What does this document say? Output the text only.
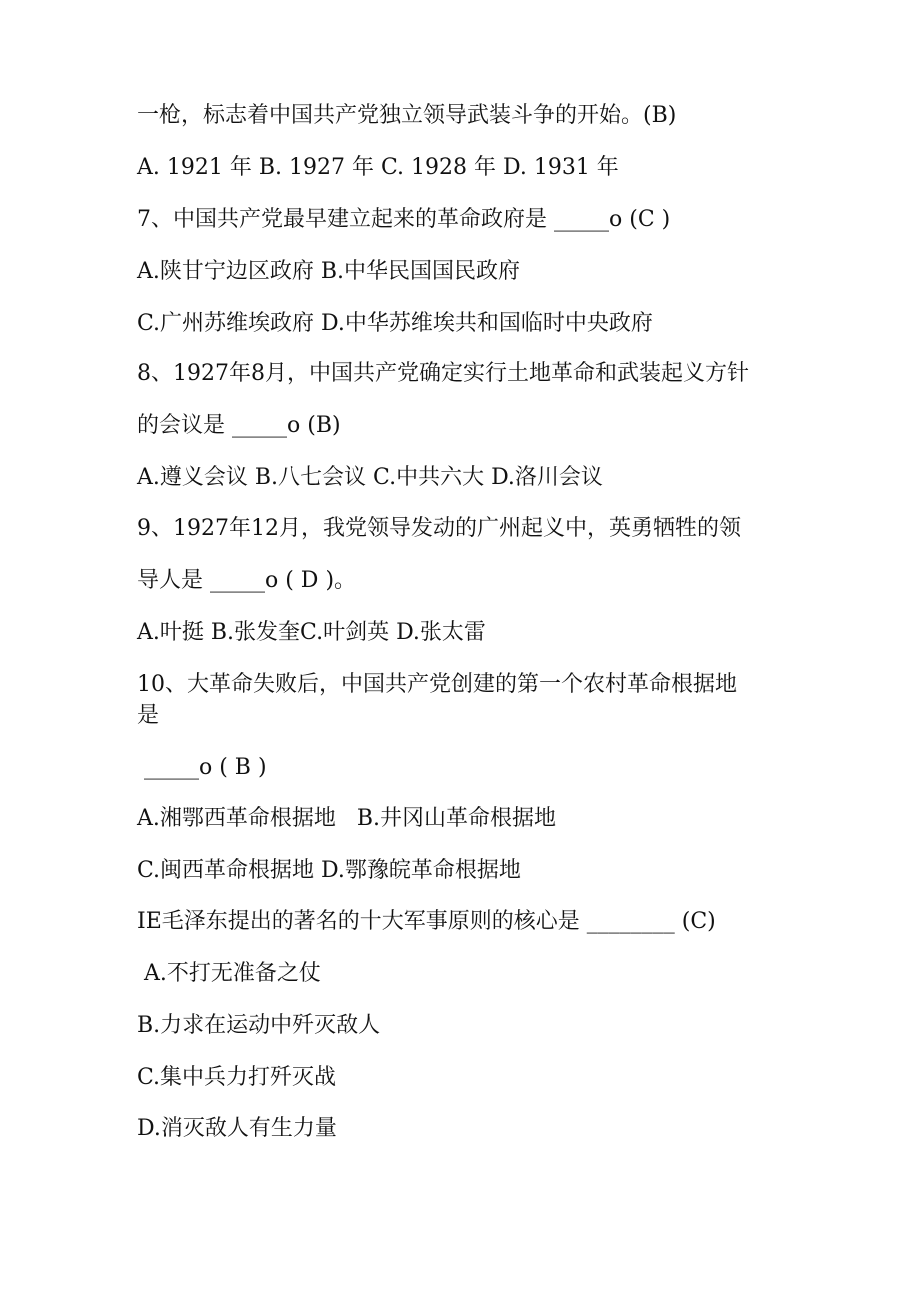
一枪，标志着中国共产党独立领导武装斗争的开始。(B)

A. 1921 年 B. 1927 年 C. 1928 年 D. 1931 年

7、中国共产党最早建立起来的革命政府是 _____o (C )

A.陕甘宁边区政府 B.中华民国国民政府

C.广州苏维埃政府 D.中华苏维埃共和国临时中央政府

8、1927年8月，中国共产党确定实行土地革命和武装起义方针

的会议是 _____o (B)

A.遵义会议 B.八七会议 C.中共六大 D.洛川会议

9、1927年12月，我党领导发动的广州起义中，英勇牺牲的领

导人是 _____o ( D )。

A.叶挺 B.张发奎C.叶剑英 D.张太雷

10、大革命失败后，中国共产党创建的第一个农村革命根据地

是

_____o ( B )

A.湘鄂西革命根据地   B.井冈山革命根据地

C.闽西革命根据地 D.鄂豫皖革命根据地

IE毛泽东提出的著名的十大军事原则的核心是 ________ (C)

A.不打无准备之仗

B.力求在运动中歼灭敌人

C.集中兵力打歼灭战

D.消灭敌人有生力量
